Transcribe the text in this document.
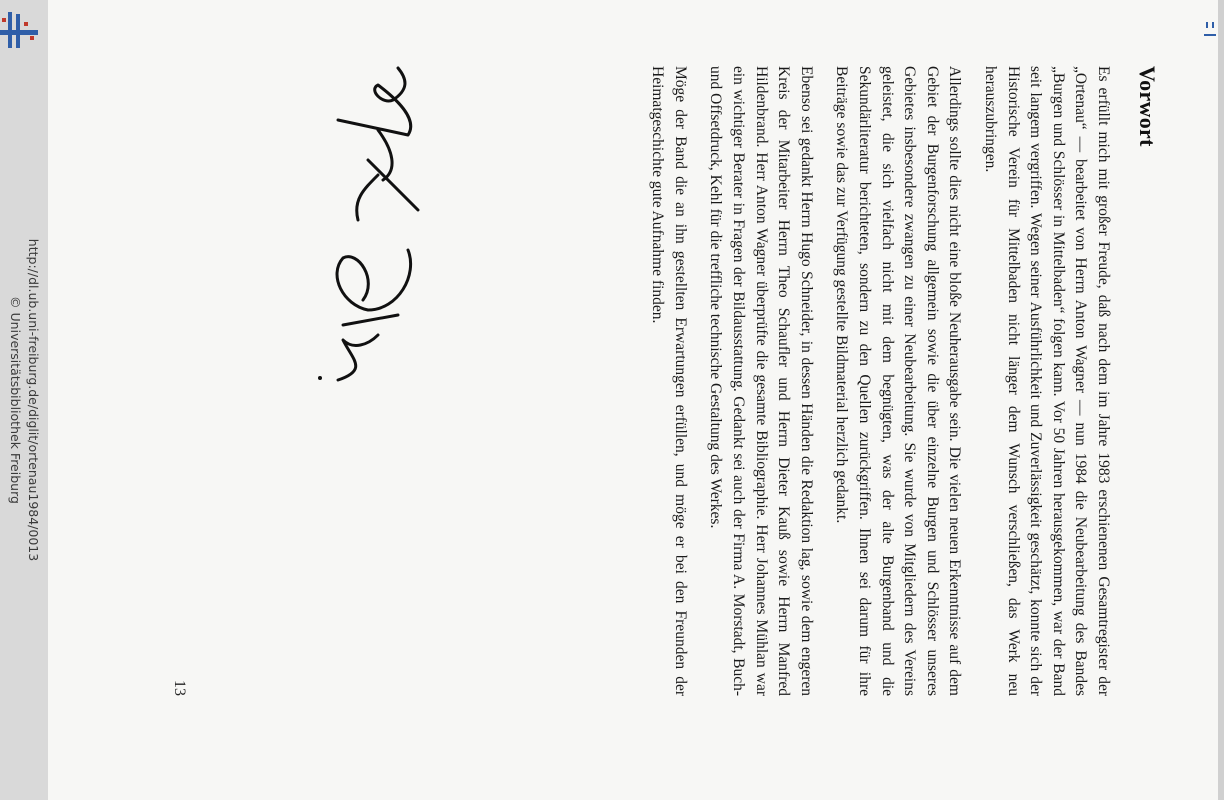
http://dl.ub.uni-freiburg.de/diglit/ortenau1984/0013
© Universitätsbibliothek Freiburg
Vorwort

Es erfüllt mich mit großer Freude, daß nach dem im Jahre 1983 erschienenen Gesamtregister der „Ortenau“ — bearbeitet von Herrn Anton Wagner — nun 1984 die Neubearbeitung des Bandes „Burgen und Schlösser in Mittelbaden“ folgen kann. Vor 50 Jahren herausgekommen, war der Band seit langem vergriffen. Wegen seiner Ausführlichkeit und Zuverlässigkeit geschätzt, konnte sich der Historische Verein für Mittelbaden nicht länger dem Wunsch verschließen, das Werk neu herauszubringen.

Allerdings sollte dies nicht eine bloße Neuherausgabe sein. Die vielen neuen Erkenntnisse auf dem Gebiet der Burgenforschung allgemein sowie die über einzelne Burgen und Schlösser unseres Gebietes insbesondere zwangen zu einer Neubearbeitung. Sie wurde von Mitgliedern des Vereins geleistet, die sich vielfach nicht mit dem begnügten, was der alte Burgenband und die Sekundärliteratur berichteten, sondern zu den Quellen zurückgriffen. Ihnen sei darum für ihre Beiträge sowie das zur Verfügung gestellte Bildmaterial herzlich gedankt.

Ebenso sei gedankt Herrn Hugo Schneider, in dessen Händen die Redaktion lag, sowie dem engeren Kreis der Mitarbeiter Herrn Theo Schaufler und Herrn Dieter Kauß sowie Herrn Manfred Hildenbrand. Herr Anton Wagner überprüfte die gesamte Bibliographie. Herr Johannes Mühlan war ein wichtiger Berater in Fragen der Bildausstattung. Gedankt sei auch der Firma A. Morstadt, Buch- und Offsetdruck, Kehl für die treffliche technische Gestaltung des Werkes.

Möge der Band die an ihn gestellten Erwartungen erfüllen, und möge er bei den Freunden der Heimatgeschichte gute Aufnahme finden.

13
